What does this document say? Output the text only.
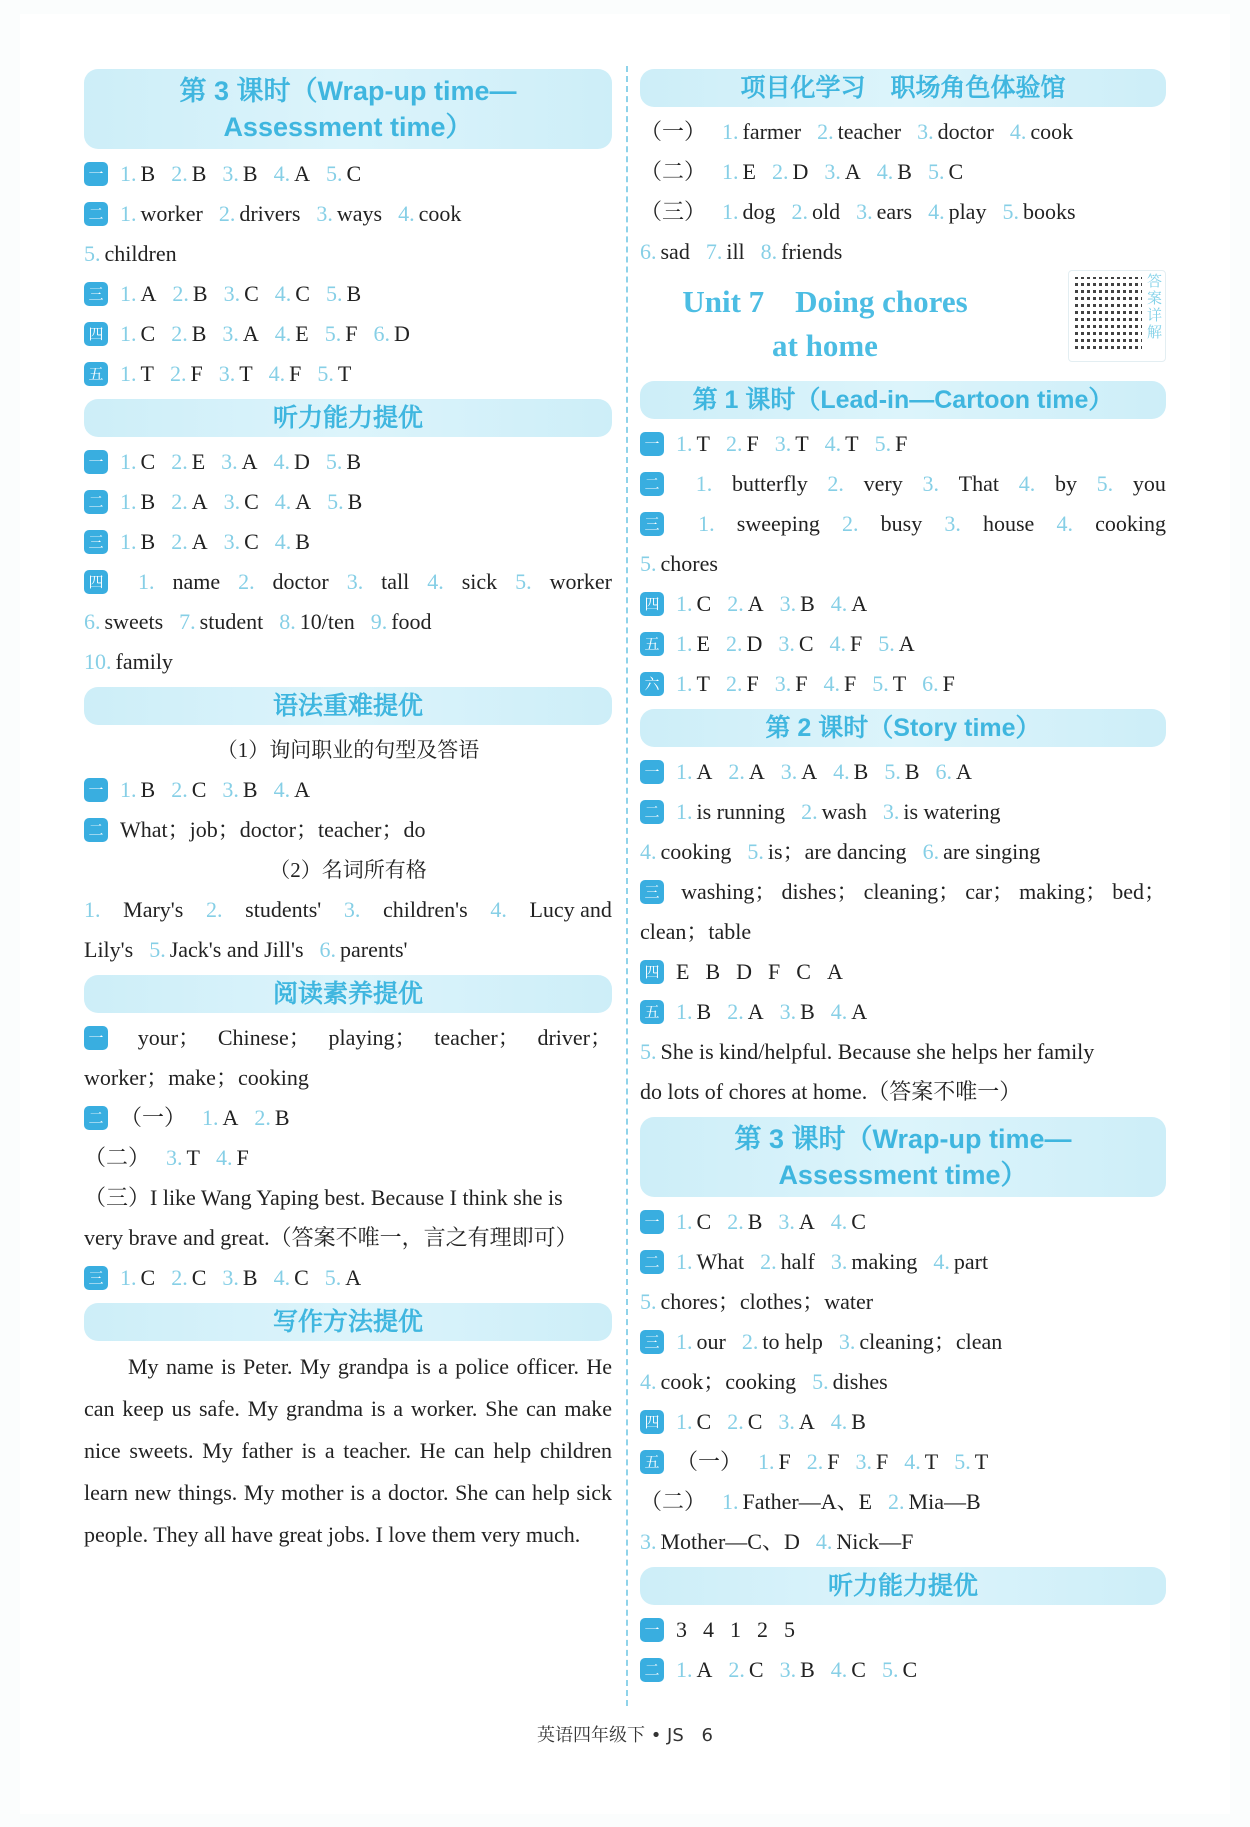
第 3 课时（Wrap-up time—
Assessment time）
一 1. B 2. B 3. B 4. A 5. C
二 1. worker 2. drivers 3. ways 4. cook
5. children
三 1. A 2. B 3. C 4. C 5. B
四 1. C 2. B 3. A 4. E 5. F 6. D
五 1. T 2. F 3. T 4. F 5. T
听力能力提优
一 1. C 2. E 3. A 4. D 5. B
二 1. B 2. A 3. C 4. A 5. B
三 1. B 2. A 3. C 4. B
四 1. name 2. doctor 3. tall 4. sick 5. worker
6. sweets 7. student 8. 10/ten 9. food
10. family
语法重难提优
（1）询问职业的句型及答语
一 1. B 2. C 3. B 4. A
二 What；job；doctor；teacher；do
（2）名词所有格
1. Mary's 2. students' 3. children's 4. Lucy and
Lily's 5. Jack's and Jill's 6. parents'
阅读素养提优
一 your； Chinese； playing； teacher； driver；
worker；make；cooking
二 （一） 1. A 2. B
（二） 3. T 4. F
（三）I like Wang Yaping best. Because I think she is
very brave and great.（答案不唯一，言之有理即可）
三 1. C 2. C 3. B 4. C 5. A
写作方法提优

My name is Peter. My grandpa is a police officer. He can keep us safe. My grandma is a worker. She can make nice sweets. My father is a teacher. He can help children learn new things. My mother is a doctor. She can help sick people. They all have great jobs. I love them very much.

项目化学习　职场角色体验馆
（一） 1. farmer 2. teacher 3. doctor 4. cook
（二） 1. E 2. D 3. A 4. B 5. C
（三） 1. dog 2. old 3. ears 4. play 5. books
6. sad 7. ill 8. friends
Unit 7　Doing chores
at home
答案详解
第 1 课时（Lead-in—Cartoon time）
一 1. T 2. F 3. T 4. T 5. F
二 1. butterfly 2. very 3. That 4. by 5. you
三 1. sweeping 2. busy 3. house 4. cooking
5. chores
四 1. C 2. A 3. B 4. A
五 1. E 2. D 3. C 4. F 5. A
六 1. T 2. F 3. F 4. F 5. T 6. F
第 2 课时（Story time）
一 1. A 2. A 3. A 4. B 5. B 6. A
二 1. is running 2. wash 3. is watering
4. cooking 5. is；are dancing 6. are singing
三 washing； dishes； cleaning； car； making； bed；
clean；table
四 E B D F C A
五 1. B 2. A 3. B 4. A
5. She is kind/helpful. Because she helps her family
do lots of chores at home.（答案不唯一）
第 3 课时（Wrap-up time—
Assessment time）
一 1. C 2. B 3. A 4. C
二 1. What 2. half 3. making 4. part
5. chores；clothes；water
三 1. our 2. to help 3. cleaning；clean
4. cook；cooking 5. dishes
四 1. C 2. C 3. A 4. B
五 （一） 1. F 2. F 3. F 4. T 5. T
（二） 1. Father—A、E 2. Mia—B
3. Mother—C、D 4. Nick—F
听力能力提优
一 3 4 1 2 5
二 1. A 2. C 3. B 4. C 5. C
英语四年级下 • JS 6
